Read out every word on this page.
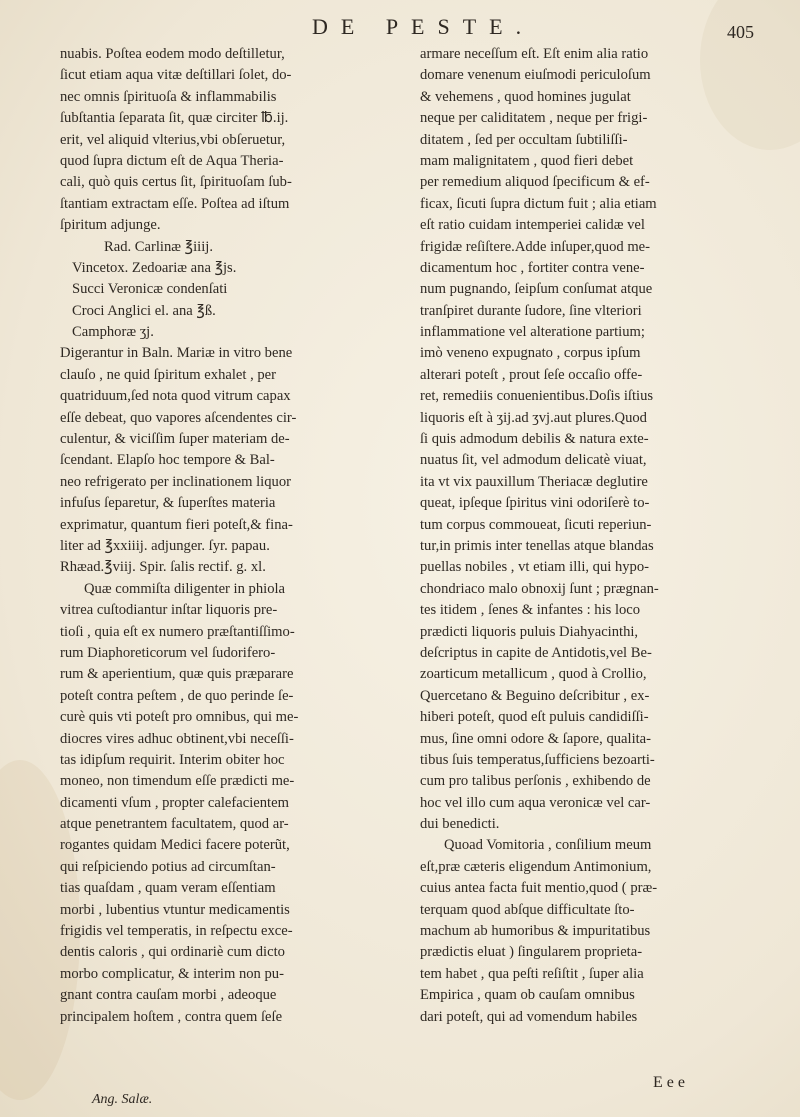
DE PESTE.	405
nuabis. Poſtea eodem modo deſtilletur,
ſicut etiam aqua vitæ deſtillari ſolet, do-
nec omnis ſpirituoſa & inflammabilis
ſubſtantia ſeparata ſit, quæ circiter ℔.ij.
erit, vel aliquid vlterius,vbi obſeruetur,
quod ſupra dictum eſt de Aqua Theria-
cali, quò quis certus ſit, ſpirituoſam ſub-
ſtantiam extractam eſſe. Poſtea ad iſtum
ſpiritum adjunge.
Rad. Carlinæ ℥iiij.
Vincetox. Zedoariæ ana ℥js.
Succi Veronicæ condenſati
Croci Anglici el. ana ℥ß.
Camphoræ ʒj.
Digerantur in Baln. Mariæ in vitro bene
clauſo , ne quid ſpiritum exhalet , per
quatriduum,ſed nota quod vitrum capax
eſſe debeat, quo vapores aſcendentes cir-
culentur, & viciſſim ſuper materiam de-
ſcendant. Elapſo hoc tempore & Bal-
neo refrigerato per inclinationem liquor
infuſus ſeparetur, & ſuperſtes materia
exprimatur, quantum fieri poteſt,& fina-
liter ad ℥xxiiij. adjunger. ſyr. papau.
Rhæad.℥viij. Spir. ſalis rectif. g. xl.
Quæ commiſta diligenter in phiola
vitrea cuſtodiantur inſtar liquoris pre-
tioſi , quia eſt ex numero præſtantiſſimo-
rum Diaphoreticorum vel ſudorifero-
rum & aperientium, quæ quis præparare
poteſt contra peſtem , de quo perinde ſe-
curè quis vti poteſt pro omnibus, qui me-
diocres vires adhuc obtinent,vbi neceſſi-
tas idipſum requirit. Interim obiter hoc
moneo, non timendum eſſe prædicti me-
dicamenti vſum , propter calefacientem
atque penetrantem facultatem, quod ar-
rogantes quidam Medici facere poterũt,
qui reſpiciendo potius ad circumſtan-
tias quaſdam , quam veram eſſentiam
morbi , lubentius vtuntur medicamentis
frigidis vel temperatis, in reſpectu exce-
dentis caloris , qui ordinariè cum dicto
morbo complicatur, & interim non pu-
gnant contra cauſam morbi , adeoque
principalem hoſtem , contra quem ſeſe
armare neceſſum eſt. Eſt enim alia ratio
domare venenum eiuſmodi periculoſum
& vehemens , quod homines jugulat
neque per caliditatem , neque per frigi-
ditatem , ſed per occultam ſubtiliſſi-
mam malignitatem , quod fieri debet
per remedium aliquod ſpecificum & ef-
ficax, ſicuti ſupra dictum fuit ; alia etiam
eſt ratio cuidam intemperiei calidæ vel
frigidæ reſiſtere.Adde inſuper,quod me-
dicamentum hoc , fortiter contra vene-
num pugnando, ſeipſum conſumat atque
tranſpiret durante ſudore, ſine vlteriori
inflammatione vel alteratione partium;
imò veneno expugnato , corpus ipſum
alterari poteſt , prout ſeſe occaſio offe-
ret, remediis conuenientibus.Doſis iſtius
liquoris eſt à ʒij.ad ʒvj.aut plures.Quod
ſi quis admodum debilis & natura exte-
nuatus ſit, vel admodum delicatè viuat,
ita vt vix pauxillum Theriacæ deglutire
queat, ipſeque ſpiritus vini odoriſerè to-
tum corpus commoueat, ſicuti reperiun-
tur,in primis inter tenellas atque blandas
puellas nobiles , vt etiam illi, qui hypo-
chondriaco malo obnoxij ſunt ; prægnan-
tes itidem , ſenes & infantes : his loco
prædicti liquoris puluis Diahyacinthi,
deſcriptus in capite de Antidotis,vel Be-
zoarticum metallicum , quod à Crollio,
Quercetano & Beguino deſcribitur , ex-
hiberi poteſt, quod eſt puluis candidiſſi-
mus, ſine omni odore & ſapore, qualita-
tibus ſuis temperatus,ſufficiens bezoarti-
cum pro talibus perſonis , exhibendo de
hoc vel illo cum aqua veronicæ vel car-
dui benedicti.
Quoad Vomitoria , conſilium meum
eſt,præ cæteris eligendum Antimonium,
cuius antea facta fuit mentio,quod ( præ-
terquam quod abſque difficultate ſto-
machum ab humoribus & impuritatibus
prædictis eluat ) ſingularem proprieta-
tem habet , qua peſti reſiſtit , ſuper alia
Empirica , quam ob cauſam omnibus
dari poteſt, qui ad vomendum habiles
Ang. Salæ.
Eee
